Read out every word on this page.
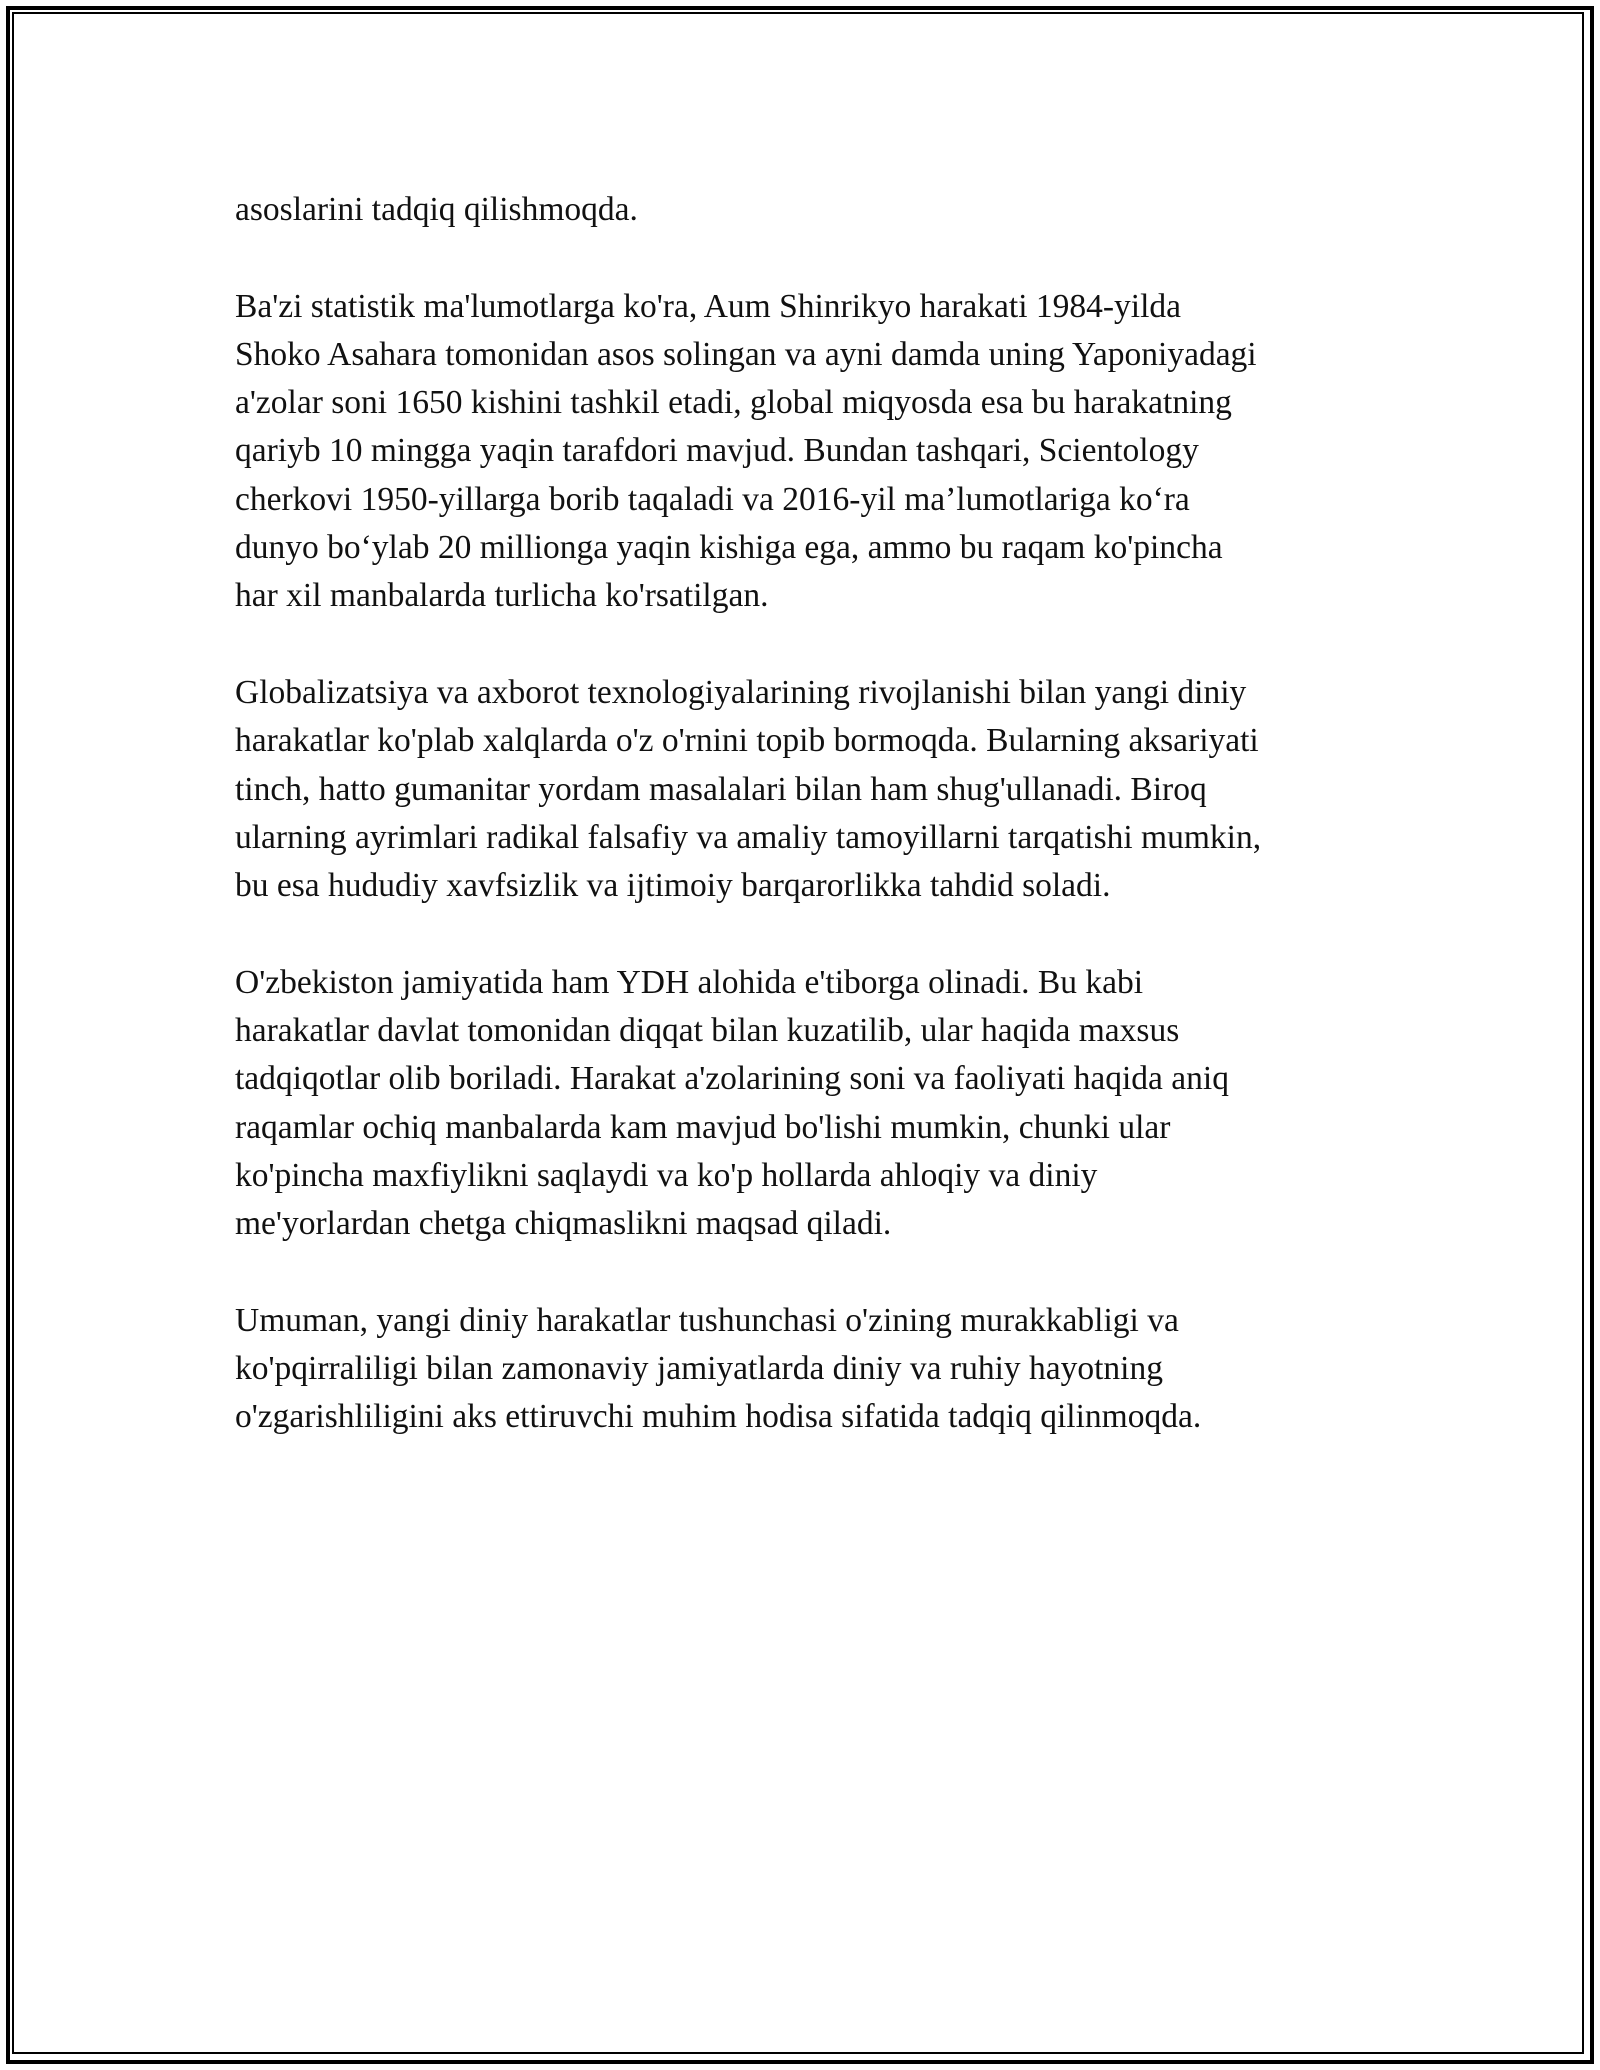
asoslarini tadqiq qilishmoqda.

Ba'zi statistik ma'lumotlarga ko'ra, Aum Shinrikyo harakati 1984-yilda
Shoko Asahara tomonidan asos solingan va ayni damda uning Yaponiyadagi
a'zolar soni 1650 kishini tashkil etadi, global miqyosda esa bu harakatning
qariyb 10 mingga yaqin tarafdori mavjud. Bundan tashqari, Scientology
cherkovi 1950-yillarga borib taqaladi va 2016-yil ma’lumotlariga ko‘ra
dunyo bo‘ylab 20 millionga yaqin kishiga ega, ammo bu raqam ko'pincha
har xil manbalarda turlicha ko'rsatilgan.

Globalizatsiya va axborot texnologiyalarining rivojlanishi bilan yangi diniy
harakatlar ko'plab xalqlarda o'z o'rnini topib bormoqda. Bularning aksariyati
tinch, hatto gumanitar yordam masalalari bilan ham shug'ullanadi. Biroq
ularning ayrimlari radikal falsafiy va amaliy tamoyillarni tarqatishi mumkin,
bu esa hududiy xavfsizlik va ijtimoiy barqarorlikka tahdid soladi.

O'zbekiston jamiyatida ham YDH alohida e'tiborga olinadi. Bu kabi
harakatlar davlat tomonidan diqqat bilan kuzatilib, ular haqida maxsus
tadqiqotlar olib boriladi. Harakat a'zolarining soni va faoliyati haqida aniq
raqamlar ochiq manbalarda kam mavjud bo'lishi mumkin, chunki ular
ko'pincha maxfiylikni saqlaydi va ko'p hollarda ahloqiy va diniy
me'yorlardan chetga chiqmaslikni maqsad qiladi.

Umuman, yangi diniy harakatlar tushunchasi o'zining murakkabligi va
ko'pqirraliligi bilan zamonaviy jamiyatlarda diniy va ruhiy hayotning
o'zgarishliligini aks ettiruvchi muhim hodisa sifatida tadqiq qilinmoqda.
